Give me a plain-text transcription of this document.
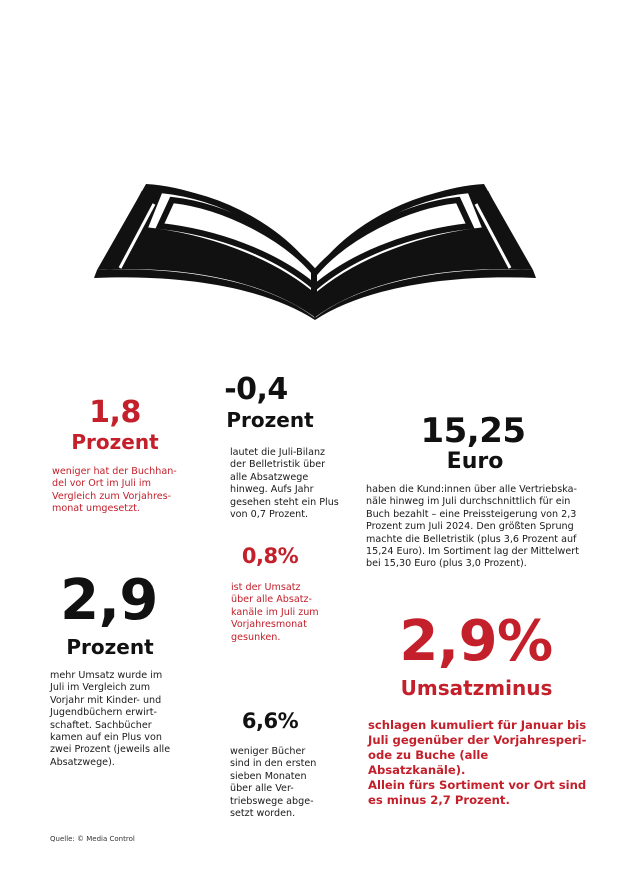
1,8
Prozent
weniger hat der Buchhan-
del vor Ort im Juli im
Vergleich zum Vorjahres-
monat umgesetzt.
-0,4
Prozent
lautet die Juli-Bilanz
der Belletristik über
alle Absatzwege
hinweg. Aufs Jahr
gesehen steht ein Plus
von 0,7 Prozent.
15,25
Euro
haben die Kund:innen über alle Vertriebska-
näle hinweg im Juli durchschnittlich für ein
Buch bezahlt – eine Preissteigerung von 2,3
Prozent zum Juli 2024. Den größten Sprung
machte die Belletristik (plus 3,6 Prozent auf
15,24 Euro). Im Sortiment lag der Mittelwert
bei 15,30 Euro (plus 3,0 Prozent).
0,8%
ist der Umsatz
über alle Absatz-
kanäle im Juli zum
Vorjahresmonat
gesunken.
2,9
Prozent
mehr Umsatz wurde im
Juli im Vergleich zum
Vorjahr mit Kinder- und
Jugendbüchern erwirt-
schaftet. Sachbücher
kamen auf ein Plus von
zwei Prozent (jeweils alle
Absatzwege).
2,9%
Umsatzminus
schlagen kumuliert für Januar bis
Juli gegenüber der Vorjahresperi-
ode zu Buche (alle Absatzkanäle).
Allein fürs Sortiment vor Ort sind
es minus 2,7 Prozent.
6,6%
weniger Bücher
sind in den ersten
sieben Monaten
über alle Ver-
triebswege abge-
setzt worden.
Quelle: © Media Control
